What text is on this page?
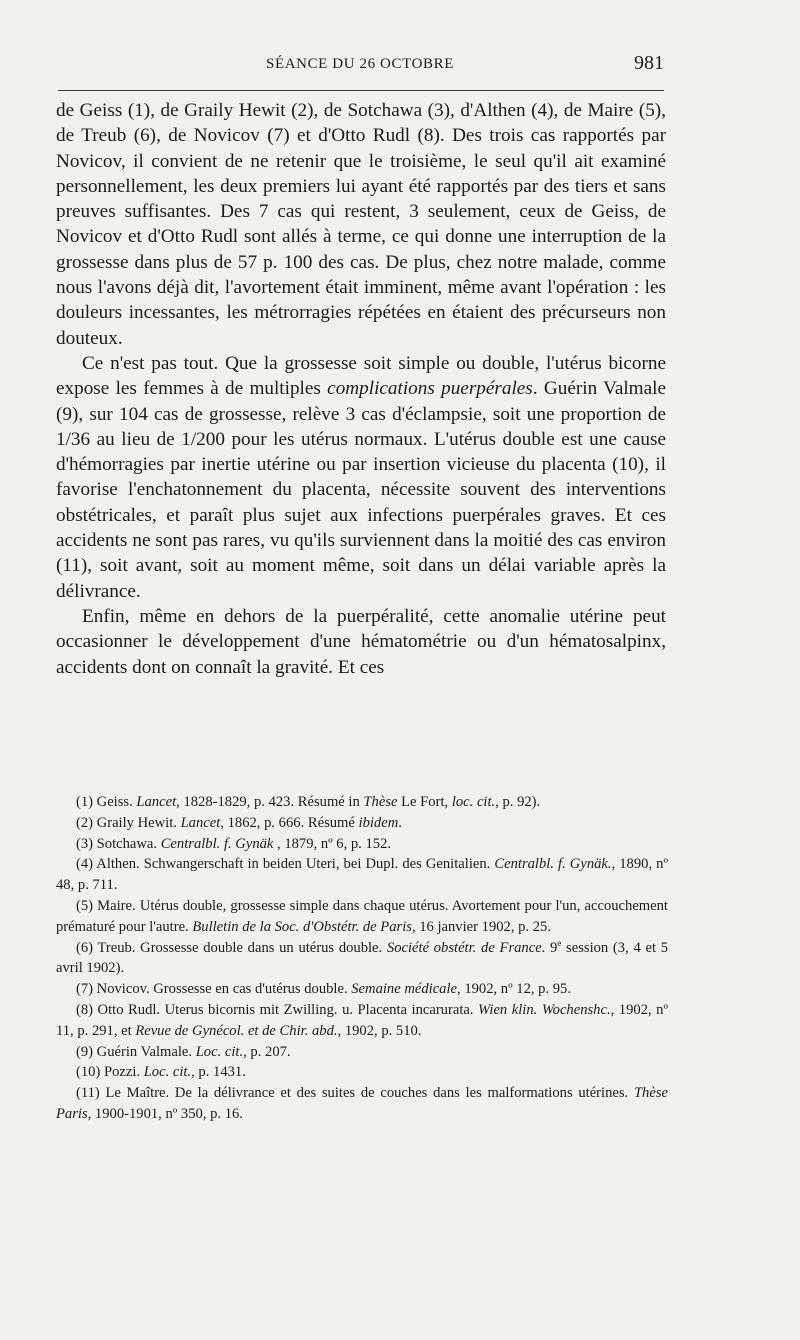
SÉANCE DU 26 OCTOBRE	981

de Geiss (1), de Graily Hewit (2), de Sotchawa (3), d'Althen (4), de Maire (5), de Treub (6), de Novicov (7) et d'Otto Rudl (8). Des trois cas rapportés par Novicov, il convient de ne retenir que le troisième, le seul qu'il ait examiné personnellement, les deux premiers lui ayant été rapportés par des tiers et sans preuves suffisantes. Des 7 cas qui restent, 3 seulement, ceux de Geiss, de Novicov et d'Otto Rudl sont allés à terme, ce qui donne une interruption de la grossesse dans plus de 57 p. 100 des cas. De plus, chez notre malade, comme nous l'avons déjà dit, l'avortement était imminent, même avant l'opération : les douleurs incessantes, les métrorragies répétées en étaient des précurseurs non douteux.

Ce n'est pas tout. Que la grossesse soit simple ou double, l'utérus bicorne expose les femmes à de multiples complications puerpérales. Guérin Valmale (9), sur 104 cas de grossesse, relève 3 cas d'éclampsie, soit une proportion de 1/36 au lieu de 1/200 pour les utérus normaux. L'utérus double est une cause d'hémorragies par inertie utérine ou par insertion vicieuse du placenta (10), il favorise l'enchatonnement du placenta, nécessite souvent des interventions obstétricales, et paraît plus sujet aux infections puerpérales graves. Et ces accidents ne sont pas rares, vu qu'ils surviennent dans la moitié des cas environ (11), soit avant, soit au moment même, soit dans un délai variable après la délivrance.

Enfin, même en dehors de la puerpéralité, cette anomalie utérine peut occasionner le développement d'une hématométrie ou d'un hématosalpinx, accidents dont on connaît la gravité. Et ces

(1) Geiss. Lancet, 1828-1829, p. 423. Résumé in Thèse Le Fort, loc. cit., p. 92).

(2) Graily Hewit. Lancet, 1862, p. 666. Résumé ibidem.

(3) Sotchawa. Centralbl. f. Gynäk , 1879, nº 6, p. 152.

(4) Althen. Schwangerschaft in beiden Uteri, bei Dupl. des Genitalien. Centralbl. f. Gynäk., 1890, nº 48, p. 711.

(5) Maire. Utérus double, grossesse simple dans chaque utérus. Avortement pour l'un, accouchement prématuré pour l'autre. Bulletin de la Soc. d'Obstétr. de Paris, 16 janvier 1902, p. 25.

(6) Treub. Grossesse double dans un utérus double. Société obstétr. de France. 9e session (3, 4 et 5 avril 1902).

(7) Novicov. Grossesse en cas d'utérus double. Semaine médicale, 1902, nº 12, p. 95.

(8) Otto Rudl. Uterus bicornis mit Zwilling. u. Placenta incarurata. Wien klin. Wochenshc., 1902, nº 11, p. 291, et Revue de Gynécol. et de Chir. abd., 1902, p. 510.

(9) Guérin Valmale. Loc. cit., p. 207.

(10) Pozzi. Loc. cit., p. 1431.

(11) Le Maître. De la délivrance et des suites de couches dans les malformations utérines. Thèse Paris, 1900-1901, nº 350, p. 16.
